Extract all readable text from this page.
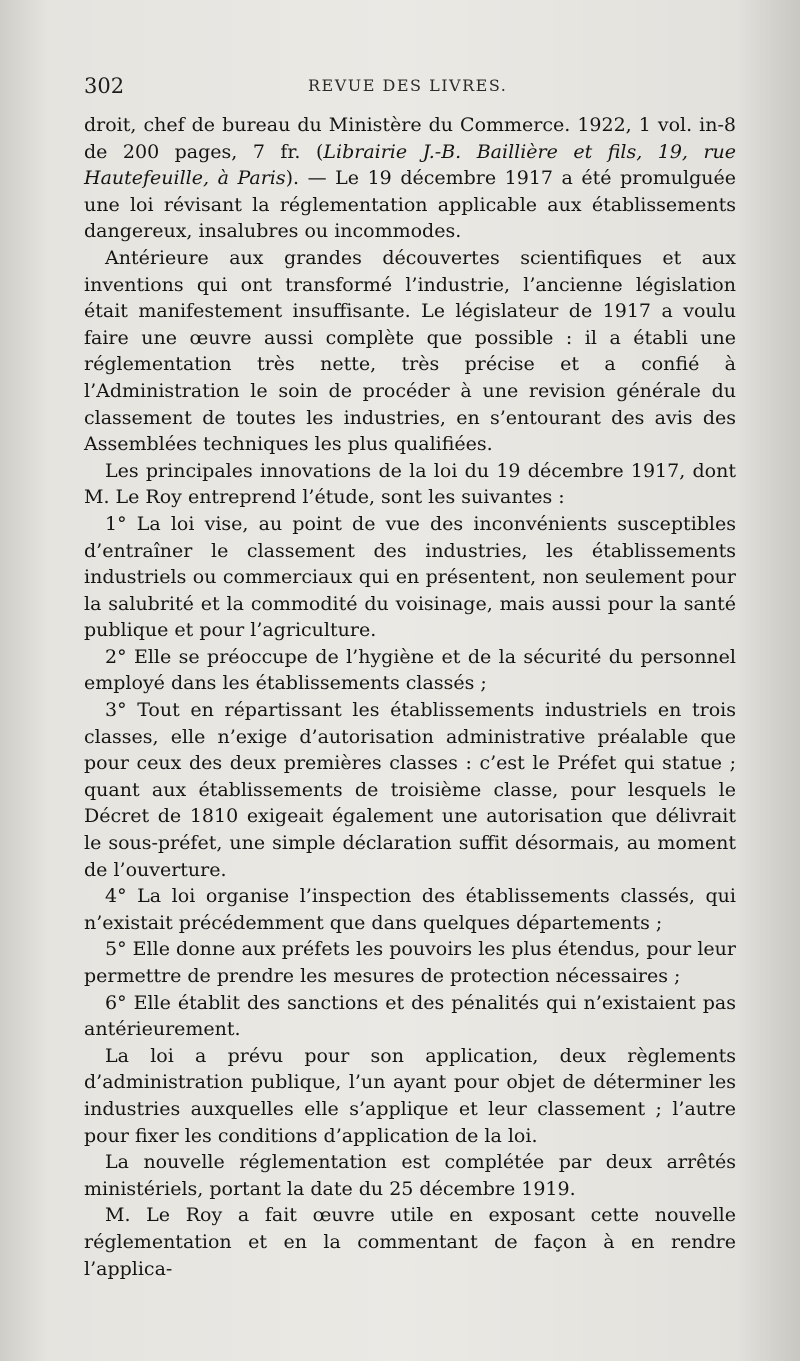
302	REVUE DES LIVRES.

droit, chef de bureau du Ministère du Commerce. 1922, 1 vol. in-8 de 200 pages, 7 fr. (Librairie J.-B. Baillière et fils, 19, rue Hautefeuille, à Paris). — Le 19 décembre 1917 a été promulguée une loi révisant la réglementation applicable aux établissements dangereux, insalubres ou incommodes.

Antérieure aux grandes découvertes scientifiques et aux inventions qui ont transformé l’industrie, l’ancienne législation était manifestement insuffisante. Le législateur de 1917 a voulu faire une œuvre aussi complète que possible : il a établi une réglementation très nette, très précise et a confié à l’Administration le soin de procéder à une revision générale du classement de toutes les industries, en s’entourant des avis des Assemblées techniques les plus qualifiées.

Les principales innovations de la loi du 19 décembre 1917, dont M. Le Roy entreprend l’étude, sont les suivantes :

1° La loi vise, au point de vue des inconvénients susceptibles d’entraîner le classement des industries, les établissements industriels ou commerciaux qui en présentent, non seulement pour la salubrité et la commodité du voisinage, mais aussi pour la santé publique et pour l’agriculture.

2° Elle se préoccupe de l’hygiène et de la sécurité du personnel employé dans les établissements classés ;

3° Tout en répartissant les établissements industriels en trois classes, elle n’exige d’autorisation administrative préalable que pour ceux des deux premières classes : c’est le Préfet qui statue ; quant aux établissements de troisième classe, pour lesquels le Décret de 1810 exigeait également une autorisation que délivrait le sous-préfet, une simple déclaration suffit désormais, au moment de l’ouverture.

4° La loi organise l’inspection des établissements classés, qui n’existait précédemment que dans quelques départements ;

5° Elle donne aux préfets les pouvoirs les plus étendus, pour leur permettre de prendre les mesures de protection nécessaires ;

6° Elle établit des sanctions et des pénalités qui n’existaient pas antérieurement.

La loi a prévu pour son application, deux règlements d’administration publique, l’un ayant pour objet de déterminer les industries auxquelles elle s’applique et leur classement ; l’autre pour fixer les conditions d’application de la loi.

La nouvelle réglementation est complétée par deux arrêtés ministériels, portant la date du 25 décembre 1919.

M. Le Roy a fait œuvre utile en exposant cette nouvelle réglementation et en la commentant de façon à en rendre l’applica-
